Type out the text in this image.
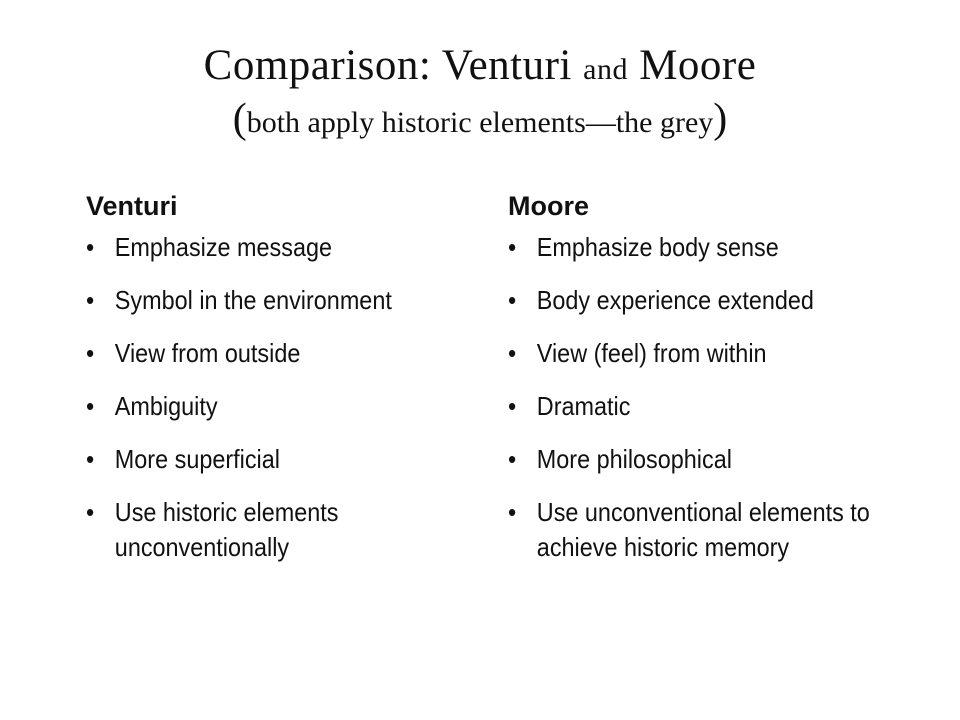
Comparison: Venturi and Moore
(both apply historic elements—the grey)
Venturi
• Emphasize message
• Symbol in the environment
• View from outside
• Ambiguity
• More superficial
• Use historic elements unconventionally
Moore
• Emphasize body sense
• Body experience extended
• View (feel) from within
• Dramatic
• More philosophical
• Use unconventional elements to achieve historic memory
